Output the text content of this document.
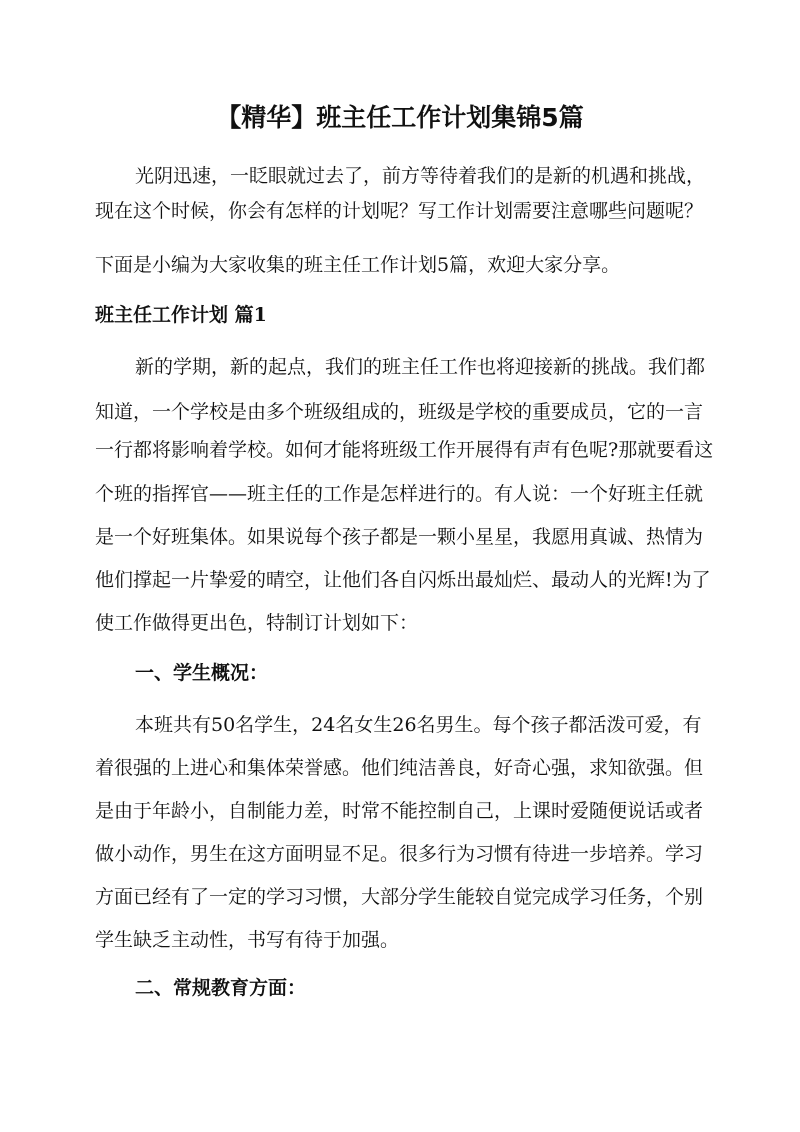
【精华】班主任工作计划集锦5篇

光阴迅速，一眨眼就过去了，前方等待着我们的是新的机遇和挑战，

现在这个时候，你会有怎样的计划呢？写工作计划需要注意哪些问题呢？

下面是小编为大家收集的班主任工作计划5篇，欢迎大家分享。

班主任工作计划 篇1

新的学期，新的起点，我们的班主任工作也将迎接新的挑战。我们都

知道，一个学校是由多个班级组成的，班级是学校的重要成员，它的一言

一行都将影响着学校。如何才能将班级工作开展得有声有色呢?那就要看这

个班的指挥官——班主任的工作是怎样进行的。有人说：一个好班主任就

是一个好班集体。如果说每个孩子都是一颗小星星，我愿用真诚、热情为

他们撑起一片挚爱的晴空，让他们各自闪烁出最灿烂、最动人的光辉!为了

使工作做得更出色，特制订计划如下：

一、学生概况：

本班共有50名学生，24名女生26名男生。每个孩子都活泼可爱，有

着很强的上进心和集体荣誉感。他们纯洁善良，好奇心强，求知欲强。但

是由于年龄小，自制能力差，时常不能控制自己，上课时爱随便说话或者

做小动作，男生在这方面明显不足。很多行为习惯有待进一步培养。学习

方面已经有了一定的学习习惯，大部分学生能较自觉完成学习任务，个别

学生缺乏主动性，书写有待于加强。

二、常规教育方面：
